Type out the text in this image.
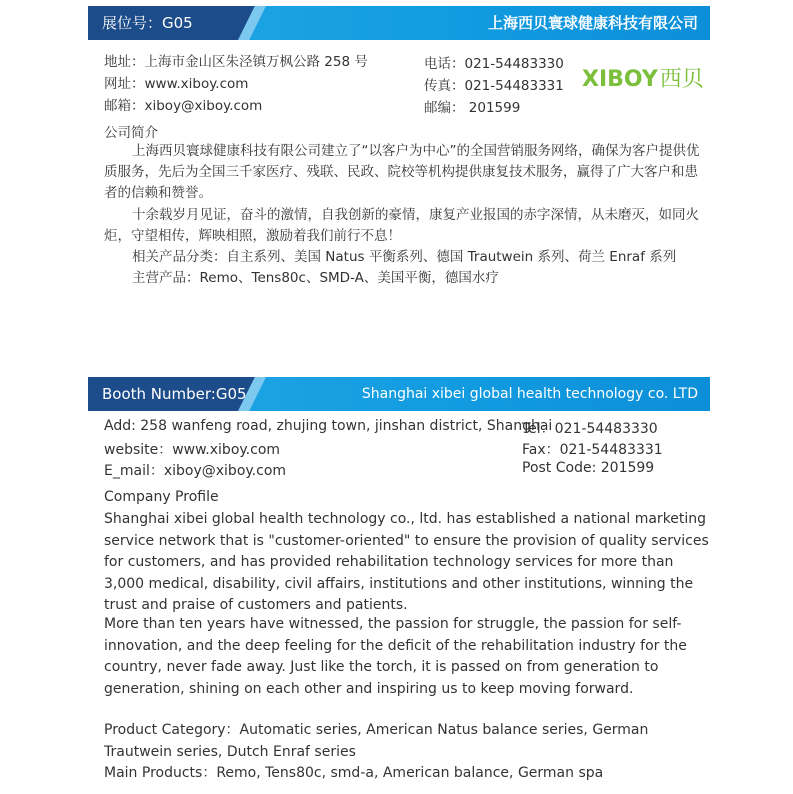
展位号：G05	上海西贝寰球健康科技有限公司
地址：上海市金山区朱泾镇万枫公路 258 号
网址：www.xiboy.com
邮箱：xiboy@xiboy.com
电话：021-54483330
传真：021-54483331
邮编： 201599
XIBOY西贝
公司简介
上海西贝寰球健康科技有限公司建立了“以客户为中心”的全国营销服务网络，确保为客户提供优质服务，先后为全国三千家医疗、残联、民政、院校等机构提供康复技术服务，赢得了广大客户和患者的信赖和赞誉。
十余载岁月见证，奋斗的激情，自我创新的豪情，康复产业报国的赤字深情，从未磨灭，如同火炬，守望相传，辉映相照，激励着我们前行不息！
相关产品分类：自主系列、美国 Natus 平衡系列、德国 Trautwein 系列、荷兰 Enraf 系列
主营产品：Remo、Tens80c、SMD-A、美国平衡，德国水疗
Booth Number:G05	Shanghai xibei global health technology co. LTD
Add: 258 wanfeng road, zhujing town, jinshan district, Shanghai
website：www.xiboy.com
E_mail：xiboy@xiboy.com
Tel：021-54483330
Fax：021-54483331
Post Code: 201599
Company Profile
Shanghai xibei global health technology co., ltd. has established a national marketing service network that is "customer-oriented" to ensure the provision of quality services for customers, and has provided rehabilitation technology services for more than 3,000 medical, disability, civil affairs, institutions and other institutions, winning the trust and praise of customers and patients.
More than ten years have witnessed, the passion for struggle, the passion for self-innovation, and the deep feeling for the deficit of the rehabilitation industry for the country, never fade away. Just like the torch, it is passed on from generation to generation, shining on each other and inspiring us to keep moving forward.
Product Category：Automatic series, American Natus balance series, German Trautwein series, Dutch Enraf series
Main Products：Remo, Tens80c, smd-a, American balance, German spa
